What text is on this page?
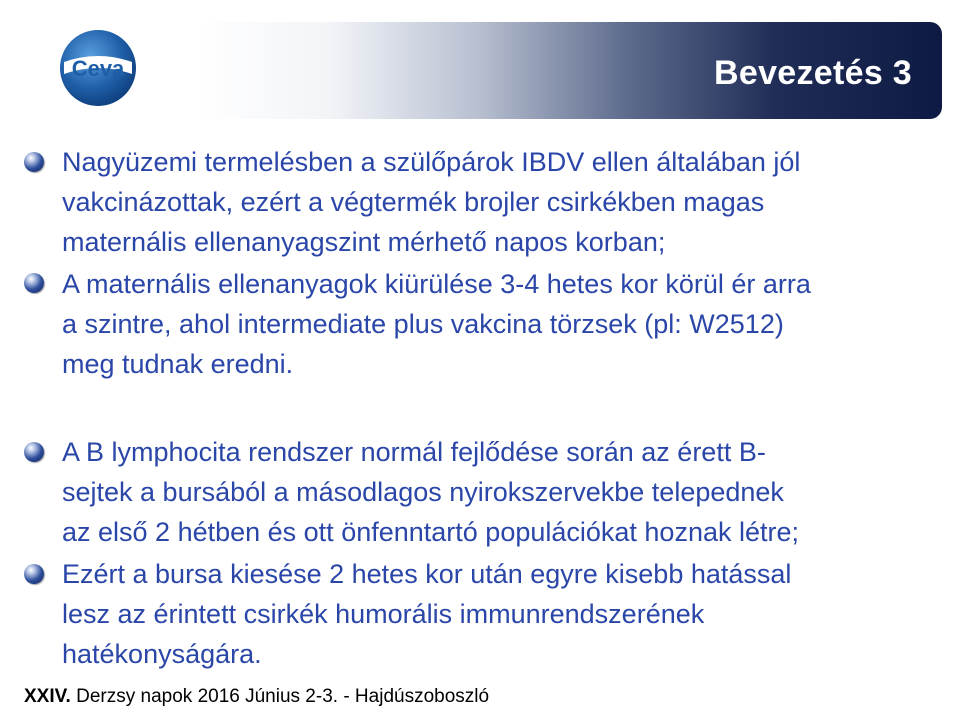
Bevezetés 3
Ceva

Nagyüzemi termelésben a szülőpárok IBDV ellen általában jól
vakcinázottak, ezért a végtermék brojler csirkékben magas
maternális ellenanyagszint mérhető napos korban;

A maternális ellenanyagok kiürülése 3-4 hetes kor körül ér arra
a szintre, ahol intermediate plus vakcina törzsek (pl: W2512)
meg tudnak eredni.

A B lymphocita rendszer normál fejlődése során az érett B-
sejtek a bursából a másodlagos nyirokszervekbe telepednek
az első 2 hétben és ott önfenntartó populációkat hoznak létre;

Ezért a bursa kiesése 2 hetes kor után egyre kisebb hatással
lesz az érintett csirkék humorális immunrendszerének
hatékonyságára.

XXIV. Derzsy napok 2016 Június 2-3. - Hajdúszoboszló
